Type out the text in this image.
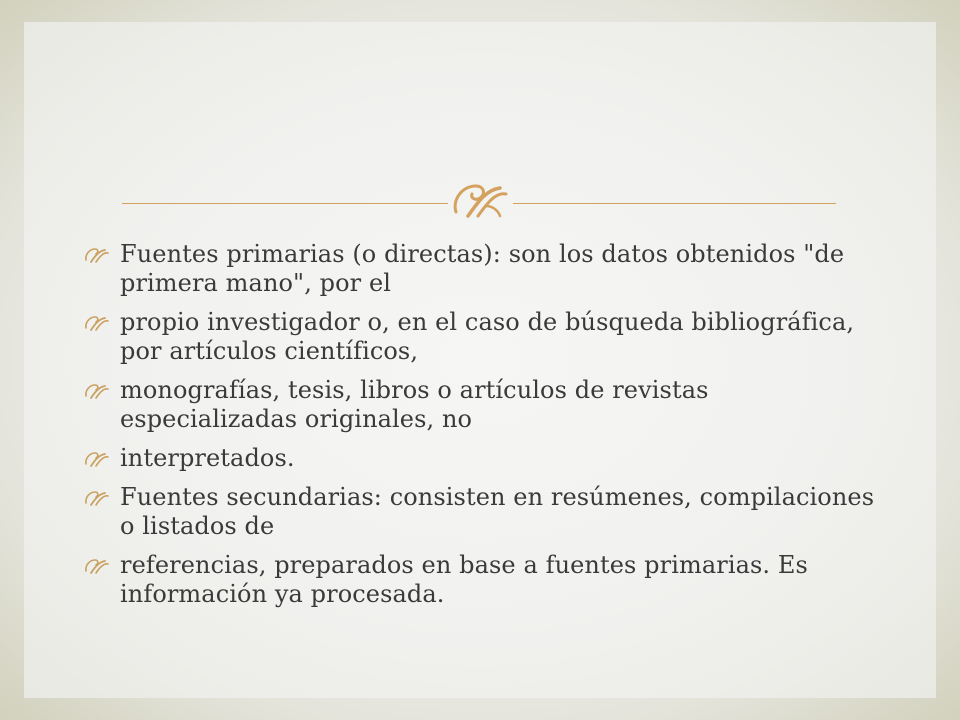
Fuentes primarias (o directas): son los datos obtenidos "de primera mano", por el
propio investigador o, en el caso de búsqueda bibliográfica, por artículos científicos,
monografías, tesis, libros o artículos de revistas especializadas originales, no
interpretados.
Fuentes secundarias: consisten en resúmenes, compilaciones o listados de
referencias, preparados en base a fuentes primarias. Es información ya procesada.
